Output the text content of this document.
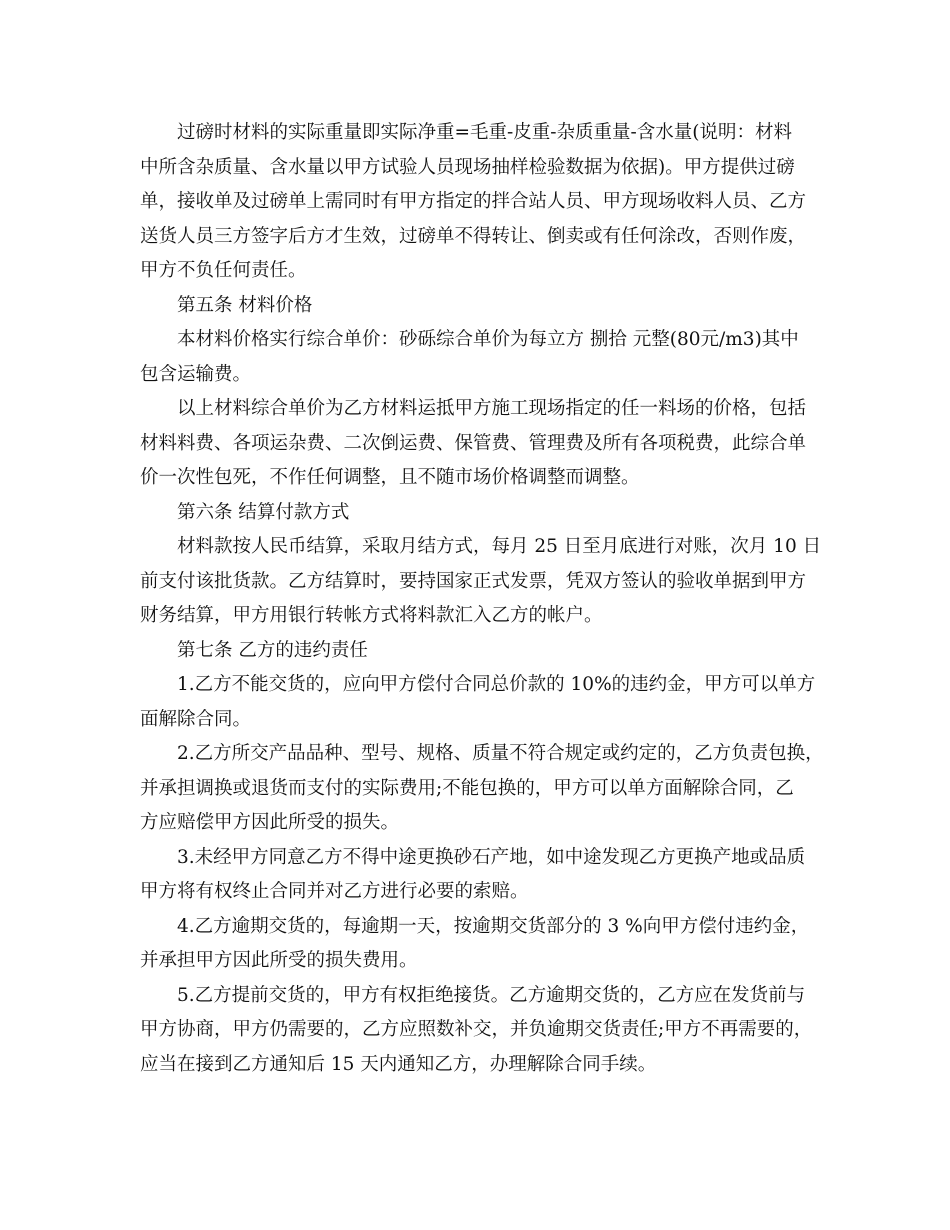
过磅时材料的实际重量即实际净重=毛重-皮重-杂质重量-含水量(说明：材料
中所含杂质量、含水量以甲方试验人员现场抽样检验数据为依据)。甲方提供过磅
单，接收单及过磅单上需同时有甲方指定的拌合站人员、甲方现场收料人员、乙方
送货人员三方签字后方才生效，过磅单不得转让、倒卖或有任何涂改，否则作废，
甲方不负任何责任。

第五条 材料价格

本材料价格实行综合单价：砂砾综合单价为每立方 捌拾 元整(80元/m3)其中
包含运输费。

以上材料综合单价为乙方材料运抵甲方施工现场指定的任一料场的价格，包括
材料料费、各项运杂费、二次倒运费、保管费、管理费及所有各项税费，此综合单
价一次性包死，不作任何调整，且不随市场价格调整而调整。

第六条 结算付款方式

材料款按人民币结算，采取月结方式，每月 25 日至月底进行对账，次月 10 日
前支付该批货款。乙方结算时，要持国家正式发票，凭双方签认的验收单据到甲方
财务结算，甲方用银行转帐方式将料款汇入乙方的帐户。

第七条 乙方的违约责任

1.乙方不能交货的，应向甲方偿付合同总价款的 10%的违约金，甲方可以单方
面解除合同。

2.乙方所交产品品种、型号、规格、质量不符合规定或约定的，乙方负责包换，
并承担调换或退货而支付的实际费用;不能包换的，甲方可以单方面解除合同，乙
方应赔偿甲方因此所受的损失。

3.未经甲方同意乙方不得中途更换砂石产地，如中途发现乙方更换产地或品质
甲方将有权终止合同并对乙方进行必要的索赔。

4.乙方逾期交货的，每逾期一天，按逾期交货部分的 3 %向甲方偿付违约金，
并承担甲方因此所受的损失费用。

5.乙方提前交货的，甲方有权拒绝接货。乙方逾期交货的，乙方应在发货前与
甲方协商，甲方仍需要的，乙方应照数补交，并负逾期交货责任;甲方不再需要的，
应当在接到乙方通知后 15 天内通知乙方，办理解除合同手续。
